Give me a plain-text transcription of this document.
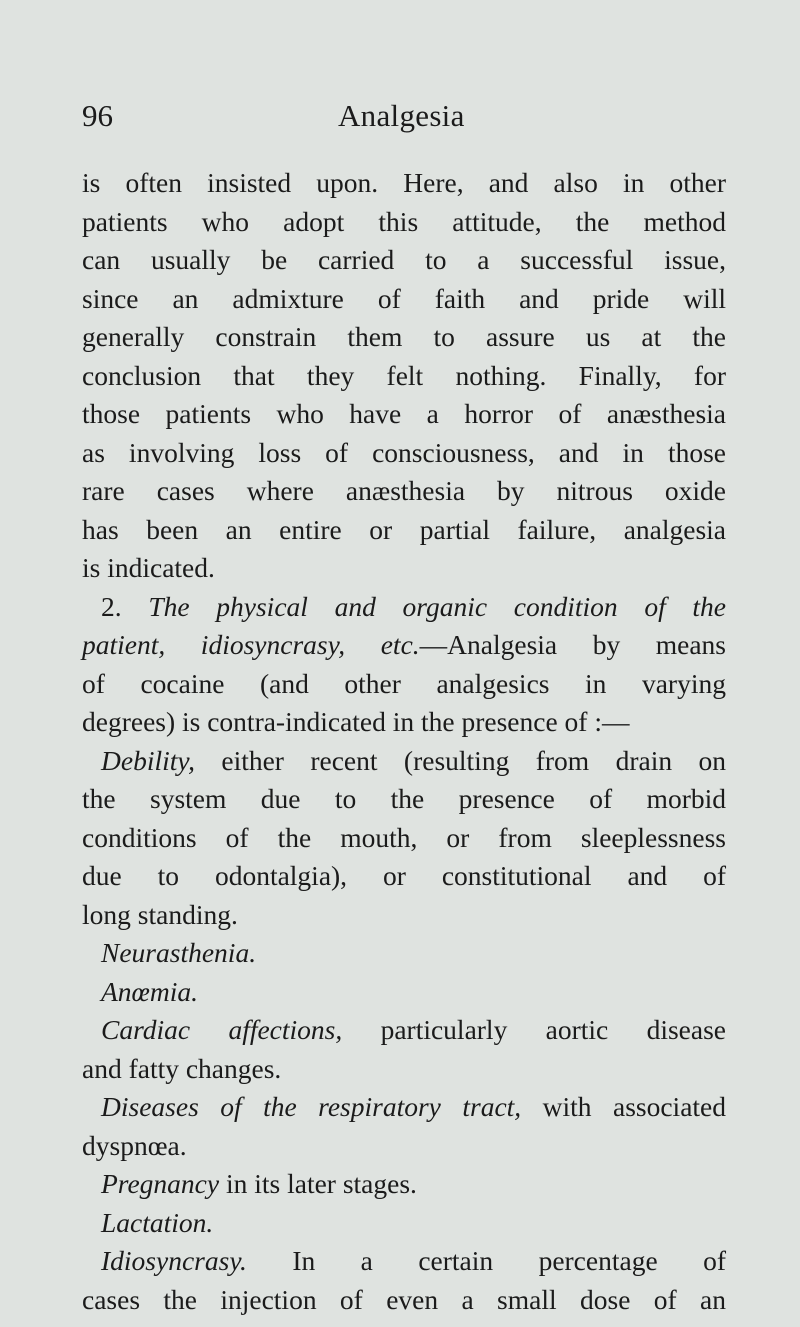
96	Analgesia
is often insisted upon. Here, and also in other
patients who adopt this attitude, the method
can usually be carried to a successful issue,
since an admixture of faith and pride will
generally constrain them to assure us at the
conclusion that they felt nothing. Finally, for
those patients who have a horror of anæsthesia
as involving loss of consciousness, and in those
rare cases where anæsthesia by nitrous oxide
has been an entire or partial failure, analgesia
is indicated.
2. The physical and organic condition of the
patient, idiosyncrasy, etc.—Analgesia by means
of cocaine (and other analgesics in varying
degrees) is contra-indicated in the presence of :—
Debility, either recent (resulting from drain on
the system due to the presence of morbid
conditions of the mouth, or from sleeplessness
due to odontalgia), or constitutional and of
long standing.
Neurasthenia.
Anœmia.
Cardiac affections, particularly aortic disease
and fatty changes.
Diseases of the respiratory tract, with associated
dyspnœa.
Pregnancy in its later stages.
Lactation.
Idiosyncrasy. In a certain percentage of
cases the injection of even a small dose of an
